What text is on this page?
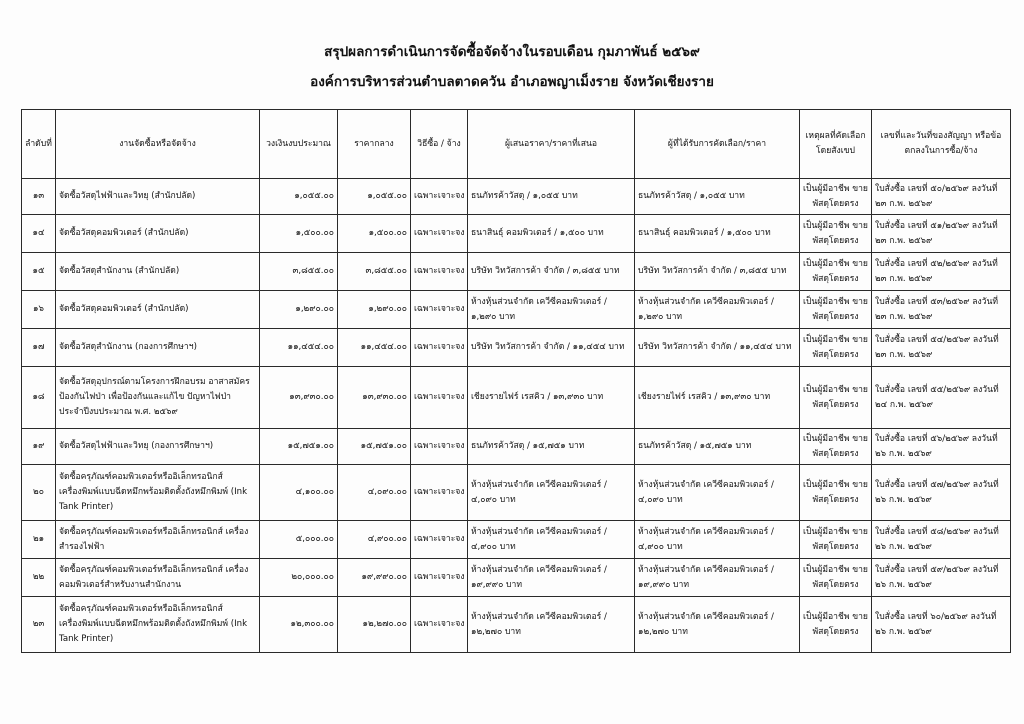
สรุปผลการดำเนินการจัดซื้อจัดจ้างในรอบเดือน กุมภาพันธ์ ๒๕๖๙
องค์การบริหารส่วนตำบลตาดควัน อำเภอพญาเม็งราย จังหวัดเชียงราย
ลำดับที่	งานจัดซื้อหรือจัดจ้าง	วงเงินงบประมาณ	ราคากลาง	วิธีซื้อ / จ้าง	ผู้เสนอราคา/ราคาที่เสนอ	ผู้ที่ได้รับการคัดเลือก/ราคา	เหตุผลที่คัดเลือก โดยสังเขป	เลขที่และวันที่ของสัญญา หรือข้อตกลงในการซื้อ/จ้าง
๑๓	จัดซื้อวัสดุไฟฟ้าและวิทยุ (สำนักปลัด)	๑,๐๕๕.๐๐	๑,๐๕๕.๐๐	เฉพาะเจาะจง	ธนภัทรค้าวัสดุ / ๑,๐๕๕ บาท	ธนภัทรค้าวัสดุ / ๑,๐๕๕ บาท	เป็นผู้มีอาชีพ ขายพัสดุโดยตรง	ใบสั่งซื้อ เลขที่ ๕๐/๒๕๖๙ ลงวันที่ ๒๓ ก.พ. ๒๕๖๙
๑๔	จัดซื้อวัสดุคอมพิวเตอร์ (สำนักปลัด)	๑,๕๐๐.๐๐	๑,๕๐๐.๐๐	เฉพาะเจาะจง	ธนาสินธุ์ คอมพิวเตอร์ / ๑,๕๐๐ บาท	ธนาสินธุ์ คอมพิวเตอร์ / ๑,๕๐๐ บาท	เป็นผู้มีอาชีพ ขายพัสดุโดยตรง	ใบสั่งซื้อ เลขที่ ๕๑/๒๕๖๙ ลงวันที่ ๒๓ ก.พ. ๒๕๖๙
๑๕	จัดซื้อวัสดุสำนักงาน (สำนักปลัด)	๓,๘๕๕.๐๐	๓,๘๕๕.๐๐	เฉพาะเจาะจง	บริษัท วิทวัสการค้า จำกัด / ๓,๘๕๕ บาท	บริษัท วิทวัสการค้า จำกัด / ๓,๘๕๕ บาท	เป็นผู้มีอาชีพ ขายพัสดุโดยตรง	ใบสั่งซื้อ เลขที่ ๕๒/๒๕๖๙ ลงวันที่ ๒๓ ก.พ. ๒๕๖๙
๑๖	จัดซื้อวัสดุคอมพิวเตอร์ (สำนักปลัด)	๑,๒๙๐.๐๐	๑,๒๙๐.๐๐	เฉพาะเจาะจง	ห้างหุ้นส่วนจำกัด เควีซีคอมพิวเตอร์ / ๑,๒๙๐ บาท	ห้างหุ้นส่วนจำกัด เควีซีคอมพิวเตอร์ / ๑,๒๙๐ บาท	เป็นผู้มีอาชีพ ขายพัสดุโดยตรง	ใบสั่งซื้อ เลขที่ ๕๓/๒๕๖๙ ลงวันที่ ๒๓ ก.พ. ๒๕๖๙
๑๗	จัดซื้อวัสดุสำนักงาน (กองการศึกษาฯ)	๑๑,๔๕๔.๐๐	๑๑,๔๕๔.๐๐	เฉพาะเจาะจง	บริษัท วิทวัสการค้า จำกัด / ๑๑,๔๕๔ บาท	บริษัท วิทวัสการค้า จำกัด / ๑๑,๔๕๔ บาท	เป็นผู้มีอาชีพ ขายพัสดุโดยตรง	ใบสั่งซื้อ เลขที่ ๕๔/๒๕๖๙ ลงวันที่ ๒๓ ก.พ. ๒๕๖๙
๑๘	จัดซื้อวัสดุอุปกรณ์ตามโครงการฝึกอบรม อาสาสมัครป้องกันไฟป่า เพื่อป้องกันและแก้ไข ปัญหาไฟป่า ประจำปีงบประมาณ พ.ศ. ๒๕๖๙	๑๓,๙๓๐.๐๐	๑๓,๙๓๐.๐๐	เฉพาะเจาะจง	เชียงรายไฟร์ เรสคิว / ๑๓,๙๓๐ บาท	เชียงรายไฟร์ เรสคิว / ๑๓,๙๓๐ บาท	เป็นผู้มีอาชีพ ขายพัสดุโดยตรง	ใบสั่งซื้อ เลขที่ ๕๕/๒๕๖๙ ลงวันที่ ๒๔ ก.พ. ๒๕๖๙
๑๙	จัดซื้อวัสดุไฟฟ้าและวิทยุ (กองการศึกษาฯ)	๑๕,๗๕๑.๐๐	๑๕,๗๕๑.๐๐	เฉพาะเจาะจง	ธนภัทรค้าวัสดุ / ๑๕,๗๕๑ บาท	ธนภัทรค้าวัสดุ / ๑๕,๗๕๑ บาท	เป็นผู้มีอาชีพ ขายพัสดุโดยตรง	ใบสั่งซื้อ เลขที่ ๕๖/๒๕๖๙ ลงวันที่ ๒๖ ก.พ. ๒๕๖๙
๒๐	จัดซื้อครุภัณฑ์คอมพิวเตอร์หรืออิเล็กทรอนิกส์ เครื่องพิมพ์แบบฉีดหมึกพร้อมติดตั้งถังหมึกพิมพ์ (Ink Tank Printer)	๔,๑๐๐.๐๐	๔,๐๙๐.๐๐	เฉพาะเจาะจง	ห้างหุ้นส่วนจำกัด เควีซีคอมพิวเตอร์ / ๔,๐๙๐ บาท	ห้างหุ้นส่วนจำกัด เควีซีคอมพิวเตอร์ / ๔,๐๙๐ บาท	เป็นผู้มีอาชีพ ขายพัสดุโดยตรง	ใบสั่งซื้อ เลขที่ ๕๗/๒๕๖๙ ลงวันที่ ๒๖ ก.พ. ๒๕๖๙
๒๑	จัดซื้อครุภัณฑ์คอมพิวเตอร์หรืออิเล็กทรอนิกส์ เครื่องสำรองไฟฟ้า	๕,๐๐๐.๐๐	๔,๙๐๐.๐๐	เฉพาะเจาะจง	ห้างหุ้นส่วนจำกัด เควีซีคอมพิวเตอร์ / ๔,๙๐๐ บาท	ห้างหุ้นส่วนจำกัด เควีซีคอมพิวเตอร์ / ๔,๙๐๐ บาท	เป็นผู้มีอาชีพ ขายพัสดุโดยตรง	ใบสั่งซื้อ เลขที่ ๕๘/๒๕๖๙ ลงวันที่ ๒๖ ก.พ. ๒๕๖๙
๒๒	จัดซื้อครุภัณฑ์คอมพิวเตอร์หรืออิเล็กทรอนิกส์ เครื่องคอมพิวเตอร์สำหรับงานสำนักงาน	๒๐,๐๐๐.๐๐	๑๙,๙๙๐.๐๐	เฉพาะเจาะจง	ห้างหุ้นส่วนจำกัด เควีซีคอมพิวเตอร์ / ๑๙,๙๙๐ บาท	ห้างหุ้นส่วนจำกัด เควีซีคอมพิวเตอร์ / ๑๙,๙๙๐ บาท	เป็นผู้มีอาชีพ ขายพัสดุโดยตรง	ใบสั่งซื้อ เลขที่ ๕๙/๒๕๖๙ ลงวันที่ ๒๖ ก.พ. ๒๕๖๙
๒๓	จัดซื้อครุภัณฑ์คอมพิวเตอร์หรืออิเล็กทรอนิกส์ เครื่องพิมพ์แบบฉีดหมึกพร้อมติดตั้งถังหมึกพิมพ์ (Ink Tank Printer)	๑๒,๓๐๐.๐๐	๑๒,๒๗๐.๐๐	เฉพาะเจาะจง	ห้างหุ้นส่วนจำกัด เควีซีคอมพิวเตอร์ / ๑๒,๒๗๐ บาท	ห้างหุ้นส่วนจำกัด เควีซีคอมพิวเตอร์ / ๑๒,๒๗๐ บาท	เป็นผู้มีอาชีพ ขายพัสดุโดยตรง	ใบสั่งซื้อ เลขที่ ๖๐/๒๕๖๙ ลงวันที่ ๒๖ ก.พ. ๒๕๖๙
